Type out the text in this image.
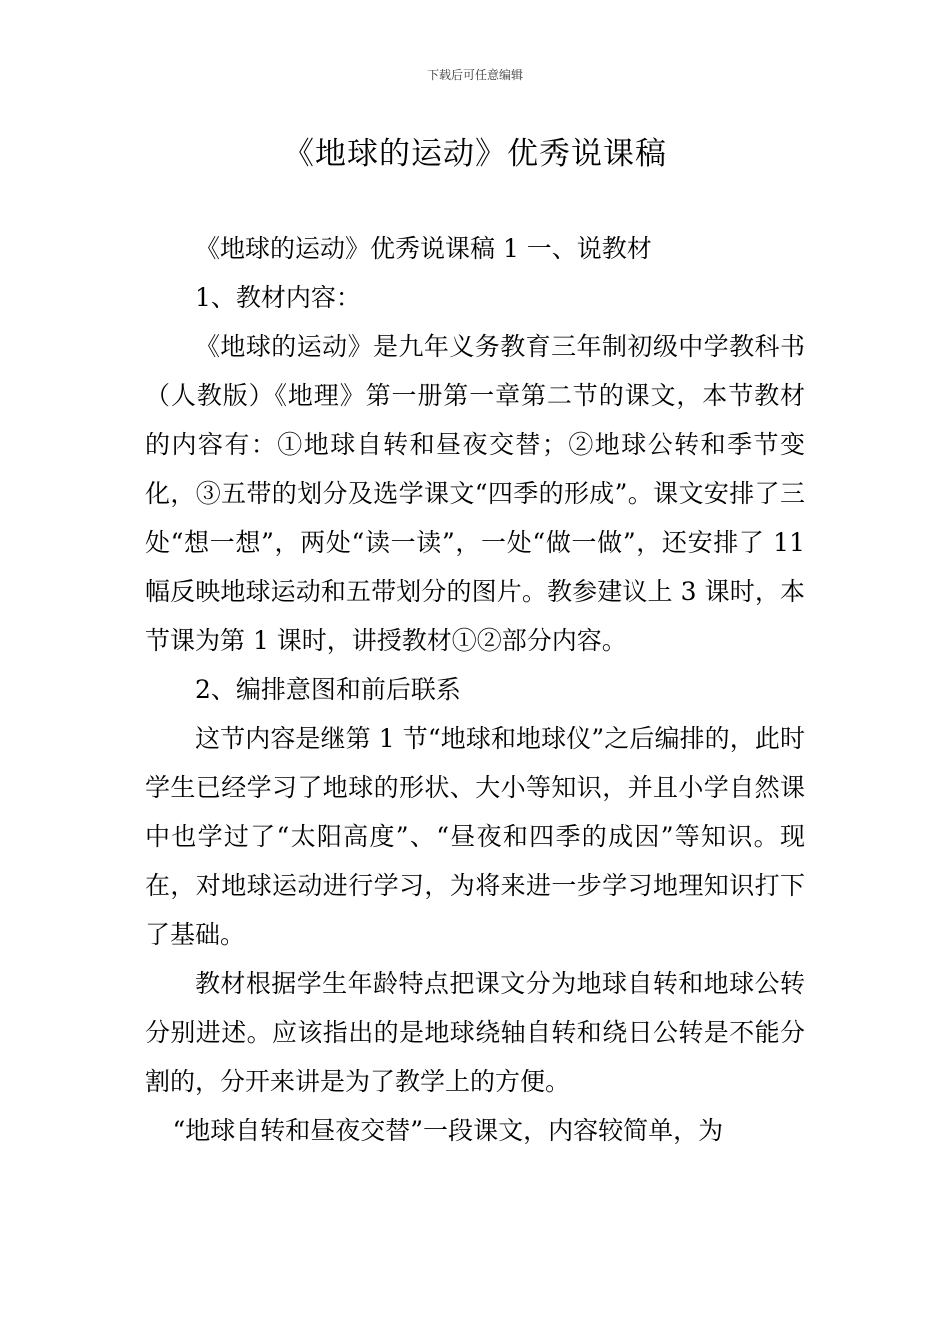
下载后可任意编辑
《地球的运动》优秀说课稿

《地球的运动》优秀说课稿 1 一、说教材

1、教材内容：

《地球的运动》是九年义务教育三年制初级中学教科书（人教版）《地理》第一册第一章第二节的课文，本节教材的内容有：①地球自转和昼夜交替；②地球公转和季节变化，③五带的划分及选学课文“四季的形成”。课文安排了三处“想一想”，两处“读一读”，一处“做一做”，还安排了 11 幅反映地球运动和五带划分的图片。教参建议上 3 课时，本节课为第 1 课时，讲授教材①②部分内容。

2、编排意图和前后联系

这节内容是继第 1 节“地球和地球仪”之后编排的，此时学生已经学习了地球的形状、大小等知识，并且小学自然课中也学过了“太阳高度”、“昼夜和四季的成因”等知识。现在，对地球运动进行学习，为将来进一步学习地理知识打下了基础。

教材根据学生年龄特点把课文分为地球自转和地球公转分别进述。应该指出的是地球绕轴自转和绕日公转是不能分割的，分开来讲是为了教学上的方便。

“地球自转和昼夜交替”一段课文，内容较简单，为
